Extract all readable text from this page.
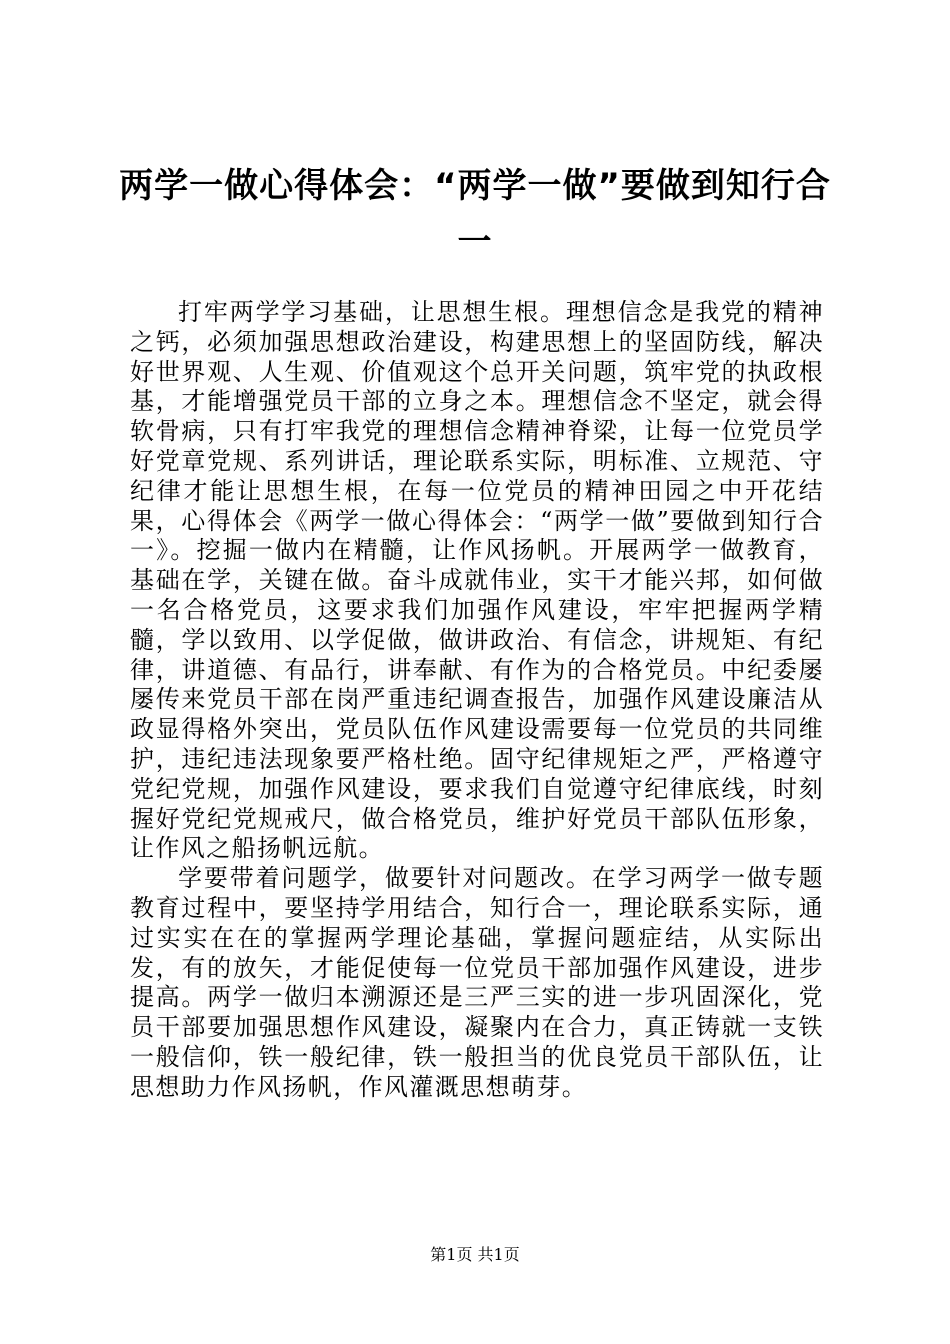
两学一做心得体会：“两学一做”要做到知行合一

打牢两学学习基础，让思想生根。理想信念是我党的精神之钙，必须加强思想政治建设，构建思想上的坚固防线，解决好世界观、人生观、价值观这个总开关问题，筑牢党的执政根基，才能增强党员干部的立身之本。理想信念不坚定，就会得软骨病，只有打牢我党的理想信念精神脊梁，让每一位党员学好党章党规、系列讲话，理论联系实际，明标准、立规范、守纪律才能让思想生根，在每一位党员的精神田园之中开花结果，心得体会《两学一做心得体会：“两学一做”要做到知行合一》。挖掘一做内在精髓，让作风扬帆。开展两学一做教育，基础在学，关键在做。奋斗成就伟业，实干才能兴邦，如何做一名合格党员，这要求我们加强作风建设，牢牢把握两学精髓，学以致用、以学促做，做讲政治、有信念，讲规矩、有纪律，讲道德、有品行，讲奉献、有作为的合格党员。中纪委屡屡传来党员干部在岗严重违纪调查报告，加强作风建设廉洁从政显得格外突出，党员队伍作风建设需要每一位党员的共同维护，违纪违法现象要严格杜绝。固守纪律规矩之严，严格遵守党纪党规，加强作风建设，要求我们自觉遵守纪律底线，时刻握好党纪党规戒尺，做合格党员，维护好党员干部队伍形象，让作风之船扬帆远航。

学要带着问题学，做要针对问题改。在学习两学一做专题教育过程中，要坚持学用结合，知行合一，理论联系实际，通过实实在在的掌握两学理论基础，掌握问题症结，从实际出发，有的放矢，才能促使每一位党员干部加强作风建设，进步提高。两学一做归本溯源还是三严三实的进一步巩固深化，党员干部要加强思想作风建设，凝聚内在合力，真正铸就一支铁一般信仰，铁一般纪律，铁一般担当的优良党员干部队伍，让思想助力作风扬帆，作风灌溉思想萌芽。

第1页 共1页
